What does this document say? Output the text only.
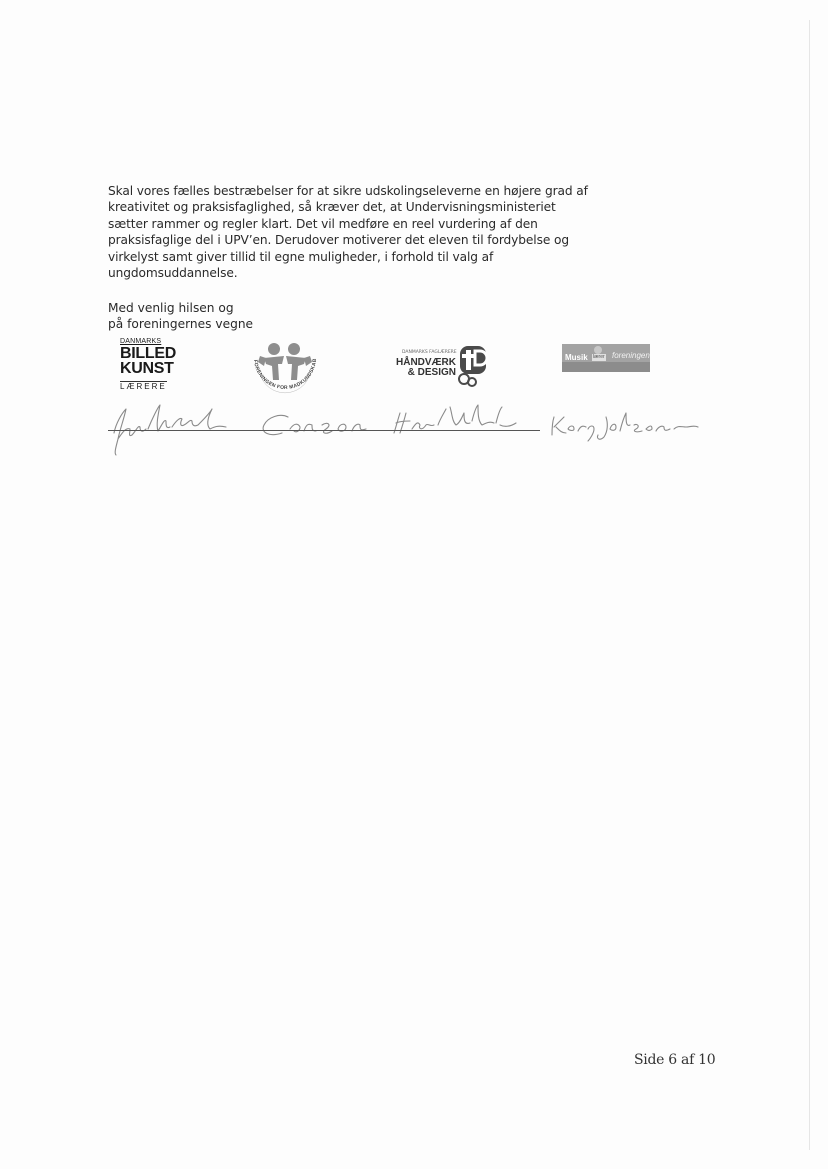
Skal vores fælles bestræbelser for at sikre udskolingseleverne en højere grad af
kreativitet og praksisfaglighed, så kræver det, at Undervisningsministeriet
sætter rammer og regler klart. Det vil medføre en reel vurdering af den
praksisfaglige del i UPV’en. Derudover motiverer det eleven til fordybelse og
virkelyst samt giver tillid til egne muligheder, i forhold til valg af
ungdomsuddannelse.
Med venlig hilsen og
på foreningernes vegne
DANMARKS
BILLED
KUNST
LÆRERE
FORENINGEN FOR MADKUNDSKAB
DANMARKS FAGLÆRERE
HÅNDVÆRK
& DESIGN
Musik lærer foreningen
Side 6 af 10
